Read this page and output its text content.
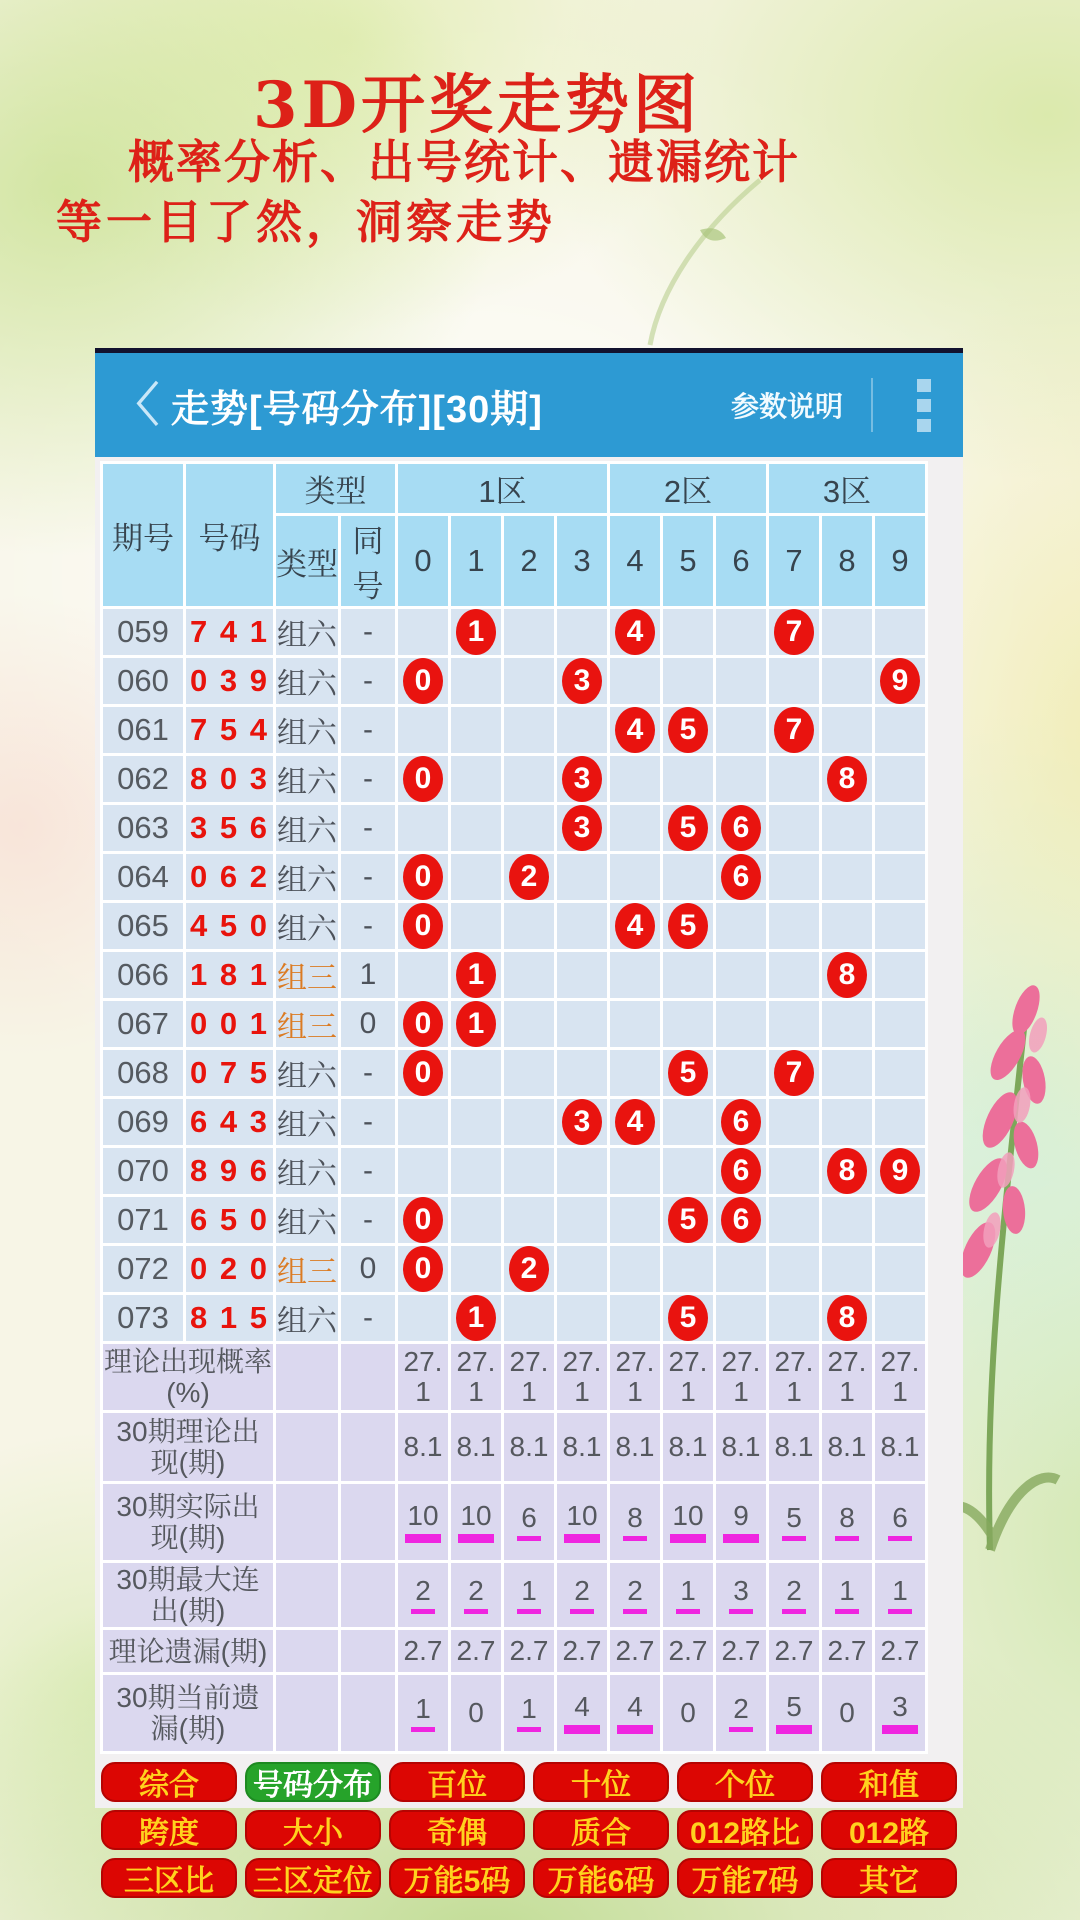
3D开奖走势图
概率分析、出号统计、遗漏统计
等一目了然，洞察走势
〈 走势[号码分布][30期]	参数说明
期号	号码	类型		1区				2区			3区		
		类型	同号	0	1	2	3	4	5	6	7	8	9
059	7 4 1	组六	-		1			4			7		
060	0 3 9	组六	-	0			3						9
061	7 5 4	组六	-					4	5		7		
062	8 0 3	组六	-	0			3					8	
063	3 5 6	组六	-				3		5	6			
064	0 6 2	组六	-	0		2				6			
065	4 5 0	组六	-	0				4	5				
066	1 8 1	组三	1		1							8	
067	0 0 1	组三	0	0	1								
068	0 7 5	组六	-	0					5		7		
069	6 4 3	组六	-				3	4		6			
070	8 9 6	组六	-							6		8	9
071	6 5 0	组六	-	0					5	6			
072	0 2 0	组三	0	0		2							
073	8 1 5	组六	-		1				5			8	
理论出现概率(%)				27.1	27.1	27.1	27.1	27.1	27.1	27.1	27.1	27.1	27.1

30期理论出现(期)				8.1	8.1	8.1	8.1	8.1	8.1	8.1	8.1	8.1	8.1

30期实际出现(期)				10	10	6	10	8	10	9	5	8	6

30期最大连出(期)				2	2	1	2	2	1	3	2	1	1

理论遗漏(期)				2.7	2.7	2.7	2.7	2.7	2.7	2.7	2.7	2.7	2.7

30期当前遗漏(期)				1	0	1	4	4	0	2	5	0	3
综合	号码分布	百位	十位	个位	和值
跨度	大小	奇偶	质合	012路比	012路
三区比	三区定位	万能5码	万能6码	万能7码	其它
